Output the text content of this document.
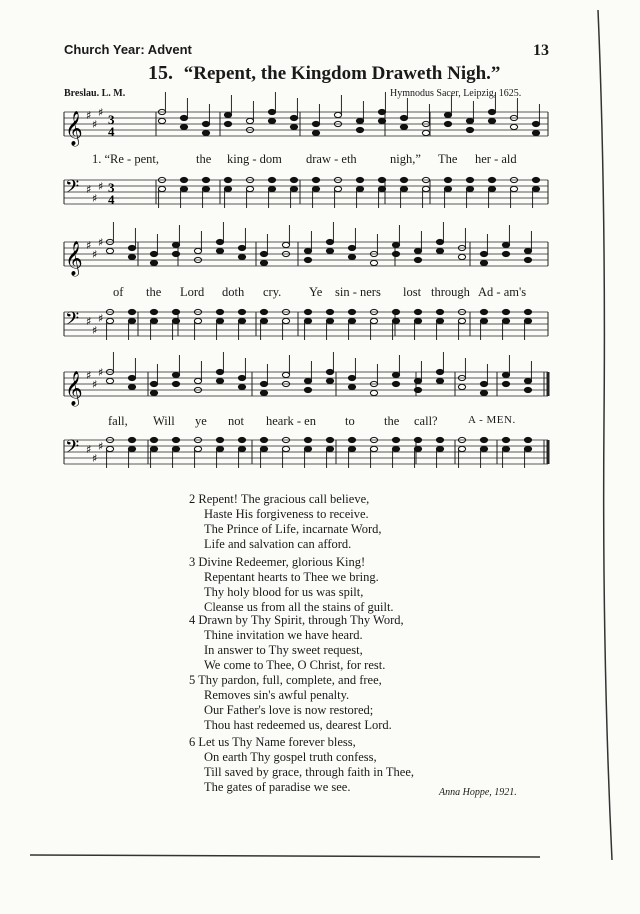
Church Year: Advent	13
15. “Repent, the Kingdom Draweth Nigh.”
Breslau. L. M.	Hymnodus Sacer, Leipzig, 1625.
𝄞 ♯
♯
♯ 3
4
𝄢 ♯
♯
♯ 3
4
𝄞 ♯
♯
♯
𝄢 ♯
♯
♯
𝄞 ♯
♯
♯
𝄢 ♯
♯
♯
1. “Re - pent,	the king - dom draw - eth	nigh,” The her - ald
of the Lord doth cry. Ye sin - ners lost through Ad - am's
fall, Will ye not heark - en to the call?	A - MEN.
2 Repent! The gracious call believe,
Haste His forgiveness to receive.
The Prince of Life, incarnate Word,
Life and salvation can afford.
3 Divine Redeemer, glorious King!
Repentant hearts to Thee we bring.
Thy holy blood for us was spilt,
Cleanse us from all the stains of guilt.
4 Drawn by Thy Spirit, through Thy Word,
Thine invitation we have heard.
In answer to Thy sweet request,
We come to Thee, O Christ, for rest.
5 Thy pardon, full, complete, and free,
Removes sin's awful penalty.
Our Father's love is now restored;
Thou hast redeemed us, dearest Lord.
6 Let us Thy Name forever bless,
On earth Thy gospel truth confess,
Till saved by grace, through faith in Thee,
The gates of paradise we see.	Anna Hoppe, 1921.
